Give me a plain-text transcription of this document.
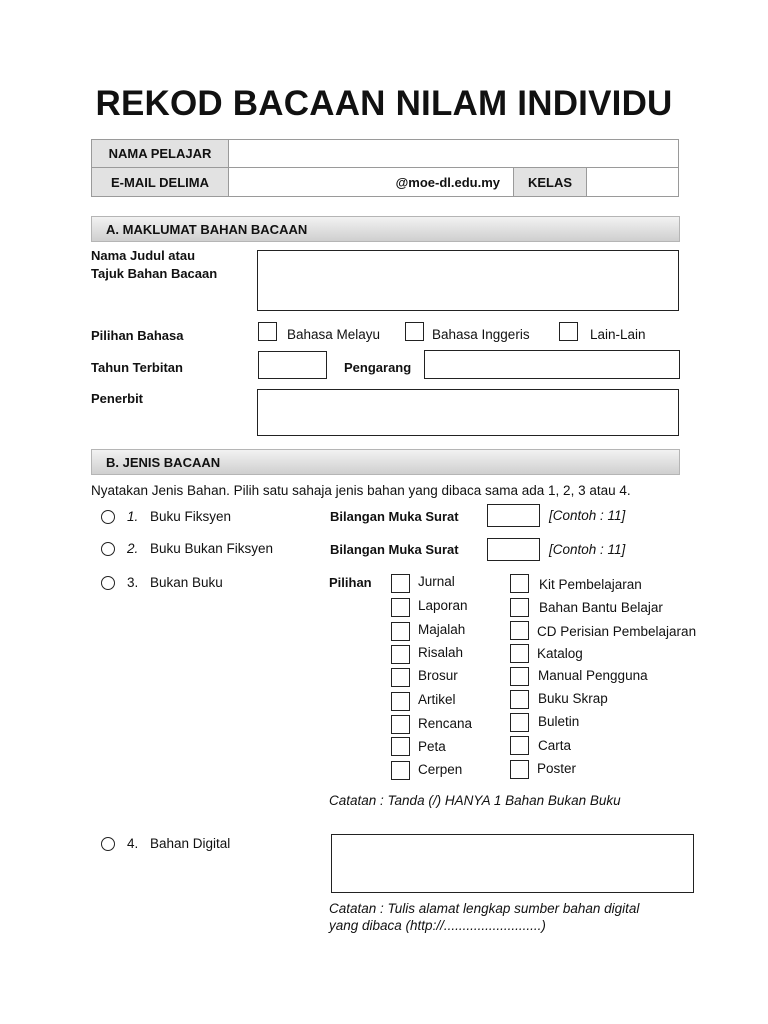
REKOD BACAAN NILAM INDIVIDU
NAMA PELAJAR
E-MAIL DELIMA	@moe-dl.edu.my KELAS
A. MAKLUMAT BAHAN BACAAN
Nama Judul atau
Tajuk Bahan Bacaan
Pilihan Bahasa	Bahasa Melayu	Bahasa Inggeris	Lain-Lain
Tahun Terbitan	Pengarang
Penerbit
B. JENIS BACAAN
Nyatakan Jenis Bahan. Pilih satu sahaja jenis bahan yang dibaca sama ada 1, 2, 3 atau 4.
1. Buku Fiksyen	Bilangan Muka Surat	[Contoh : 11]
2. Buku Bukan Fiksyen	Bilangan Muka Surat	[Contoh : 11]
3. Bukan Buku	Pilihan	Jurnal
Laporan
Majalah
Risalah
Brosur
Artikel
Rencana
Peta
Cerpen
Kit Pembelajaran
Bahan Bantu Belajar
CD Perisian Pembelajaran
Katalog
Manual Pengguna
Buku Skrap
Buletin
Carta
Poster
Catatan : Tanda (/) HANYA 1 Bahan Bukan Buku
4. Bahan Digital
Catatan : Tulis alamat lengkap sumber bahan digital
yang dibaca (http://..........................)
